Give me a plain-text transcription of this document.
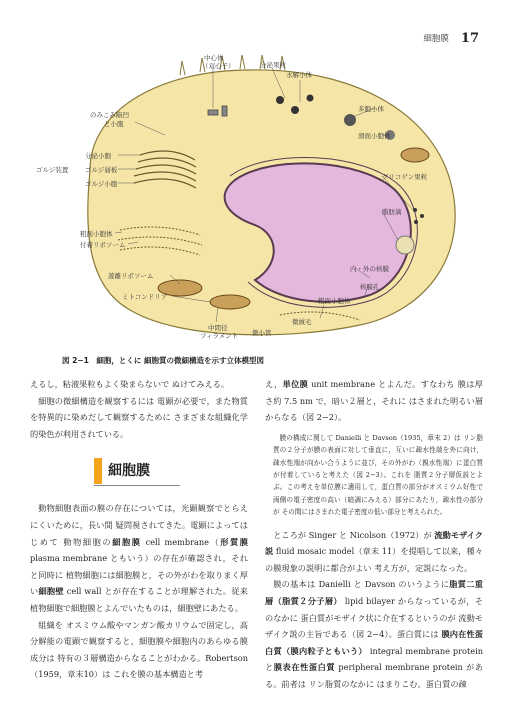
細胞膜 17
中心体
（双心子）	分泌果粒
水解小体
のみこみ陥凹
と小胞
多胞小体
滑面小胞体
分泌小胞
ゴルジ装置	ゴルジ層板
ゴルジ小胞
グリコゲン果粒
脂肪滴
粗面小胞体
付着リボソーム
内・外の核膜
遊離リボソーム
核膜孔
ミトコンドリア	粗面小胞体
中間径
フィラメント
微絨毛
微小管
図 2−1　細胞，とくに 細胞質の微細構造を示す立体模型図

えるし，粘液果粒もよく染まらないで ぬけてみえる。

細胞の微細構造を観察するには 電顕が必要で，また物質を特異的に染めだして観察するために さまざまな組織化学的染色が利用されている。

細胞膜

動物細胞表面の膜の存在については，光顕観察でとらえにくいために，長い間 疑問視されてきた。電顕によってはじめて 動物細胞の細胞膜 cell membrane（形質膜 plasma membrane ともいう）の存在が確認され，それと同時に 植物細胞には細胞膜と，その外がわを取りまく厚い細胞壁 cell wall とが存在することが理解された。従来 植物細胞で細胞膜とよんでいたものは，細胞壁にあたる。

組織を オスミウム酸やマンガン酸カリウムで固定し，高分解能の電顕で観察すると，細胞膜や細胞内のあらゆる膜成分は 特有の３層構造からなることがわかる。Robertson（1959，章末10）は これを膜の基本構造と考

え，単位膜 unit membrane とよんだ。すなわち 膜は厚さ約 7.5 nm で，暗い２層と，それに はさまれた明るい層からなる（図 2−2）。

膜の構成に関して Danielli と Davson（1935，章末 2）は リン脂質の２分子が膜の表面に対して垂直に，互いに疎水性端を外に向け，疎水性端が向かい合うように並び，その外がわ（親水性端）に蛋白質が付着していると考えた（図 2−3）。これを 脂質２分子層仮説とよぶ。この考えを単位膜に適用して，蛋白質の部分がオスミウム好性で 両側の電子密度の高い（暗調にみえる）部分にあたり，疎水性の部分が その間にはさまれた電子密度の低い部分と考えられた。

ところが Singer と Nicolson（1972）が 流動モザイク説 fluid mosaic model（章末 11）を提唱して以来，種々の膜現象の説明に都合がよい 考え方が，定説になった。

膜の基本は Danielli と Davson のいうように脂質二重層（脂質２分子層） lipid bilayer からなっているが，そのなかに 蛋白質がモザイク状に介在するというのが 流動モザイク説の主旨である（図 2−4）。蛋白質には 膜内在性蛋白質（膜内粒子ともいう） integral membrane protein と膜表在性蛋白質 peripheral membrane protein がある。前者は リン脂質のなかに はまりこむ。蛋白質の疎
